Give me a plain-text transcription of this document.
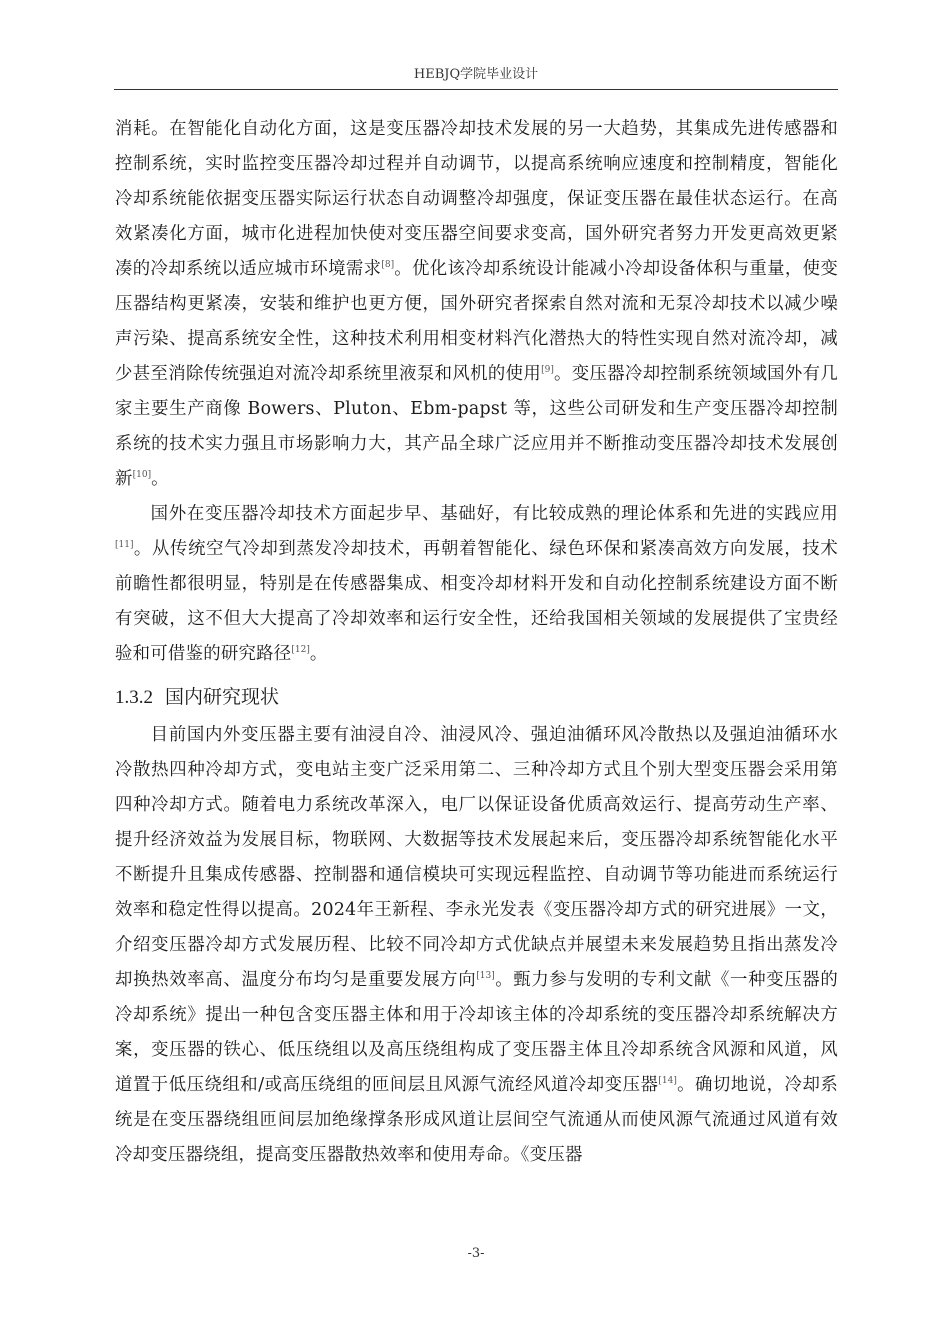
HEBJQ学院毕业设计

消耗。在智能化自动化方面，这是变压器冷却技术发展的另一大趋势，其集成先进传感器和控制系统，实时监控变压器冷却过程并自动调节，以提高系统响应速度和控制精度，智能化冷却系统能依据变压器实际运行状态自动调整冷却强度，保证变压器在最佳状态运行。在高效紧凑化方面，城市化进程加快使对变压器空间要求变高，国外研究者努力开发更高效更紧凑的冷却系统以适应城市环境需求[8]。优化该冷却系统设计能减小冷却设备体积与重量，使变压器结构更紧凑，安装和维护也更方便，国外研究者探索自然对流和无泵冷却技术以减少噪声污染、提高系统安全性，这种技术利用相变材料汽化潜热大的特性实现自然对流冷却，减少甚至消除传统强迫对流冷却系统里液泵和风机的使用[9]。变压器冷却控制系统领域国外有几家主要生产商像 Bowers、Pluton、Ebm-papst 等，这些公司研发和生产变压器冷却控制系统的技术实力强且市场影响力大，其产品全球广泛应用并不断推动变压器冷却技术发展创新[10]。

国外在变压器冷却技术方面起步早、基础好，有比较成熟的理论体系和先进的实践应用[11]。从传统空气冷却到蒸发冷却技术，再朝着智能化、绿色环保和紧凑高效方向发展，技术前瞻性都很明显，特别是在传感器集成、相变冷却材料开发和自动化控制系统建设方面不断有突破，这不但大大提高了冷却效率和运行安全性，还给我国相关领域的发展提供了宝贵经验和可借鉴的研究路径[12]。

1.3.2 国内研究现状

目前国内外变压器主要有油浸自冷、油浸风冷、强迫油循环风冷散热以及强迫油循环水冷散热四种冷却方式，变电站主变广泛采用第二、三种冷却方式且个别大型变压器会采用第四种冷却方式。随着电力系统改革深入，电厂以保证设备优质高效运行、提高劳动生产率、提升经济效益为发展目标，物联网、大数据等技术发展起来后，变压器冷却系统智能化水平不断提升且集成传感器、控制器和通信模块可实现远程监控、自动调节等功能进而系统运行效率和稳定性得以提高。2024年王新程、李永光发表《变压器冷却方式的研究进展》一文，介绍变压器冷却方式发展历程、比较不同冷却方式优缺点并展望未来发展趋势且指出蒸发冷却换热效率高、温度分布均匀是重要发展方向[13]。甄力参与发明的专利文献《一种变压器的冷却系统》提出一种包含变压器主体和用于冷却该主体的冷却系统的变压器冷却系统解决方案，变压器的铁心、低压绕组以及高压绕组构成了变压器主体且冷却系统含风源和风道，风道置于低压绕组和/或高压绕组的匝间层且风源气流经风道冷却变压器[14]。确切地说，冷却系统是在变压器绕组匝间层加绝缘撑条形成风道让层间空气流通从而使风源气流通过风道有效冷却变压器绕组，提高变压器散热效率和使用寿命。《变压器

-3-
